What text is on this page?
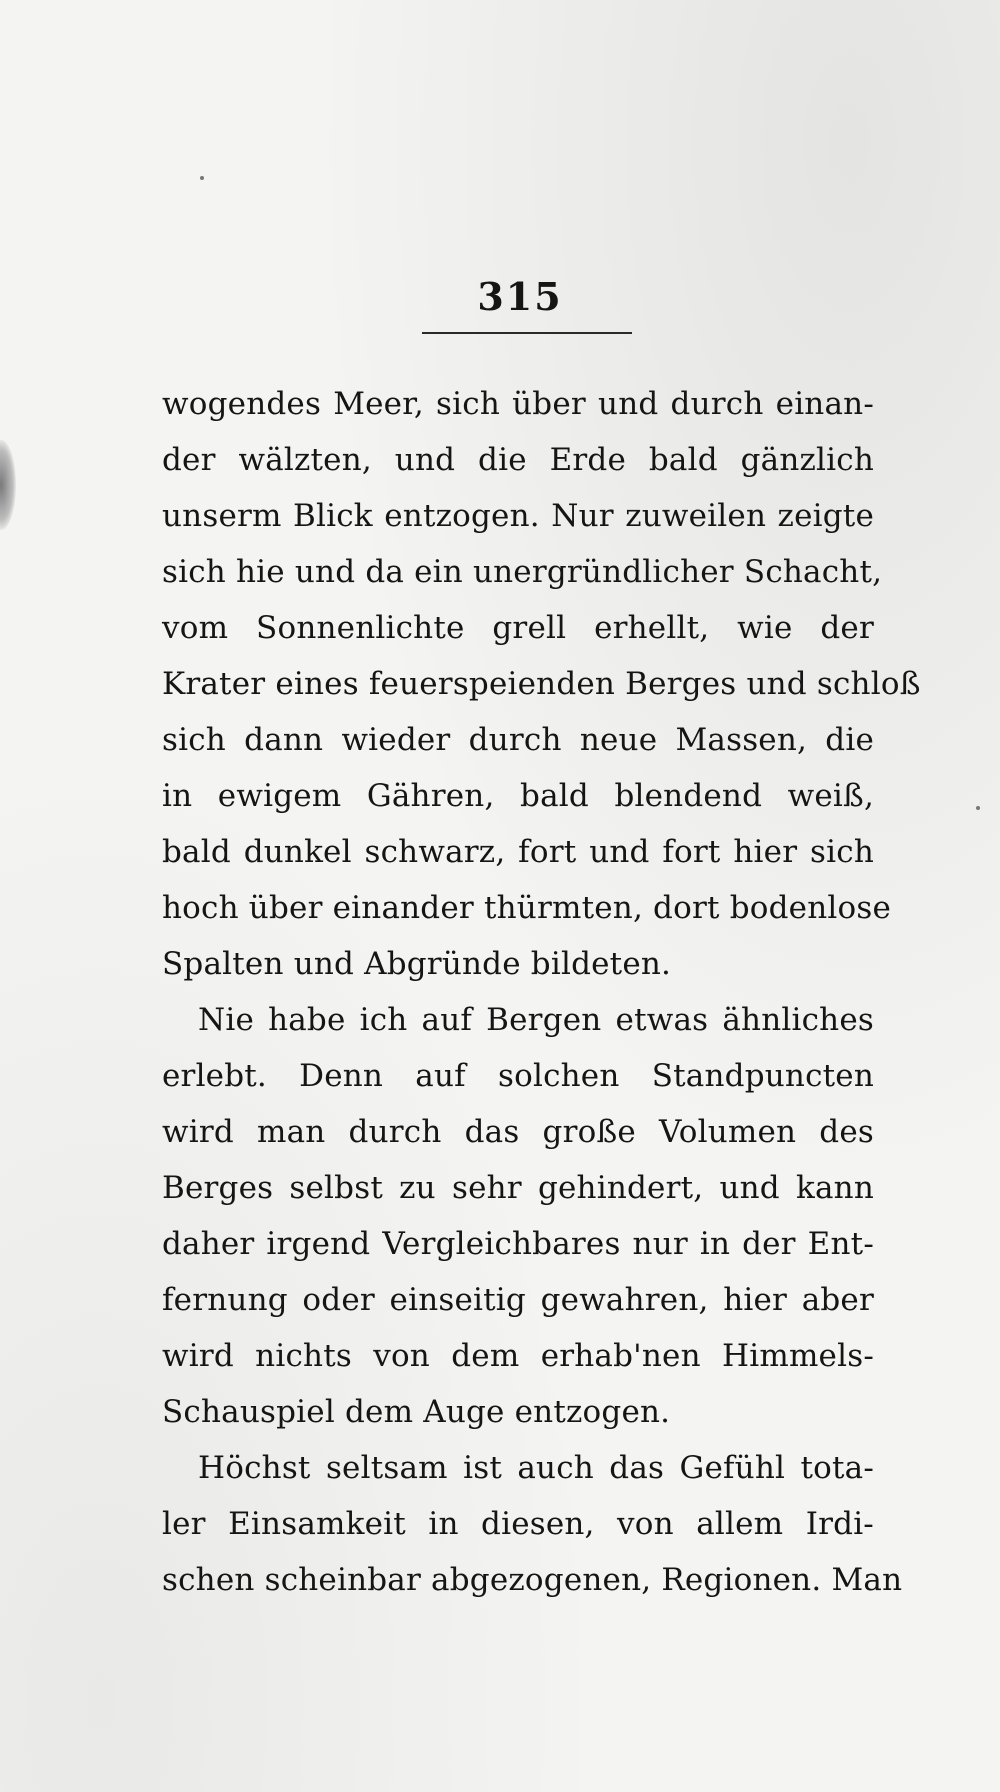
315
wogendes Meer, sich über und durch einan-
der wälzten, und die Erde bald gänzlich
unserm Blick entzogen. Nur zuweilen zeigte
sich hie und da ein unergründlicher Schacht,
vom Sonnenlichte grell erhellt, wie der
Krater eines feuerspeienden Berges und schloß
sich dann wieder durch neue Massen, die
in ewigem Gähren, bald blendend weiß,
bald dunkel schwarz, fort und fort hier sich
hoch über einander thürmten, dort bodenlose
Spalten und Abgründe bildeten.
Nie habe ich auf Bergen etwas ähnliches
erlebt. Denn auf solchen Standpuncten
wird man durch das große Volumen des
Berges selbst zu sehr gehindert, und kann
daher irgend Vergleichbares nur in der Ent-
fernung oder einseitig gewahren, hier aber
wird nichts von dem erhab'nen Himmels-
Schauspiel dem Auge entzogen.
Höchst seltsam ist auch das Gefühl tota-
ler Einsamkeit in diesen, von allem Irdi-
schen scheinbar abgezogenen, Regionen. Man
